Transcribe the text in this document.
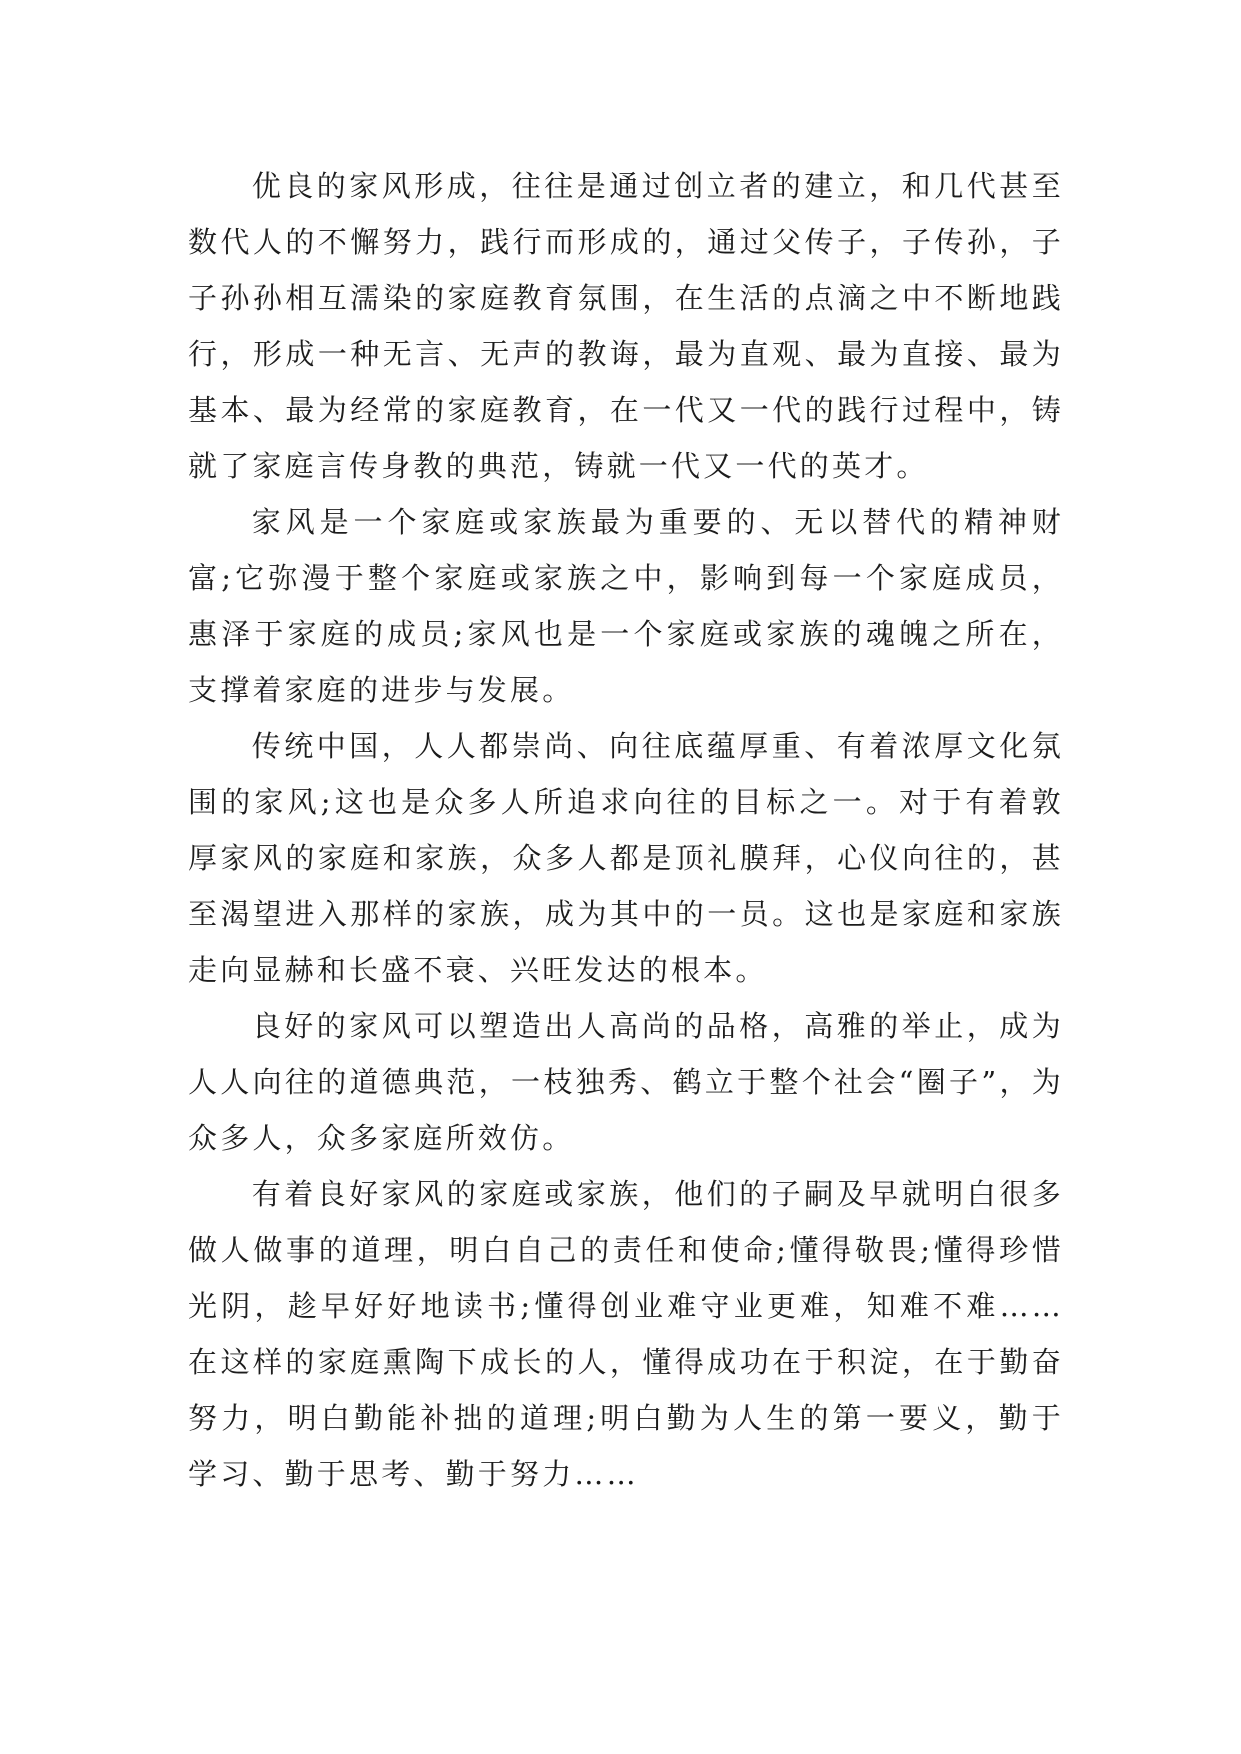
优良的家风形成，往往是通过创立者的建立，和几代甚至数代人的不懈努力，践行而形成的，通过父传子，子传孙，子子孙孙相互濡染的家庭教育氛围，在生活的点滴之中不断地践行，形成一种无言、无声的教诲，最为直观、最为直接、最为基本、最为经常的家庭教育，在一代又一代的践行过程中，铸就了家庭言传身教的典范，铸就一代又一代的英才。

家风是一个家庭或家族最为重要的、无以替代的精神财富;它弥漫于整个家庭或家族之中，影响到每一个家庭成员，惠泽于家庭的成员;家风也是一个家庭或家族的魂魄之所在，支撑着家庭的进步与发展。

传统中国，人人都崇尚、向往底蕴厚重、有着浓厚文化氛围的家风;这也是众多人所追求向往的目标之一。对于有着敦厚家风的家庭和家族，众多人都是顶礼膜拜，心仪向往的，甚至渴望进入那样的家族，成为其中的一员。这也是家庭和家族走向显赫和长盛不衰、兴旺发达的根本。

良好的家风可以塑造出人高尚的品格，高雅的举止，成为人人向往的道德典范，一枝独秀、鹤立于整个社会“圈子”，为众多人，众多家庭所效仿。

有着良好家风的家庭或家族，他们的子嗣及早就明白很多做人做事的道理，明白自己的责任和使命;懂得敬畏;懂得珍惜光阴，趁早好好地读书;懂得创业难守业更难，知难不难……在这样的家庭熏陶下成长的人，懂得成功在于积淀，在于勤奋努力，明白勤能补拙的道理;明白勤为人生的第一要义，勤于学习、勤于思考、勤于努力……
